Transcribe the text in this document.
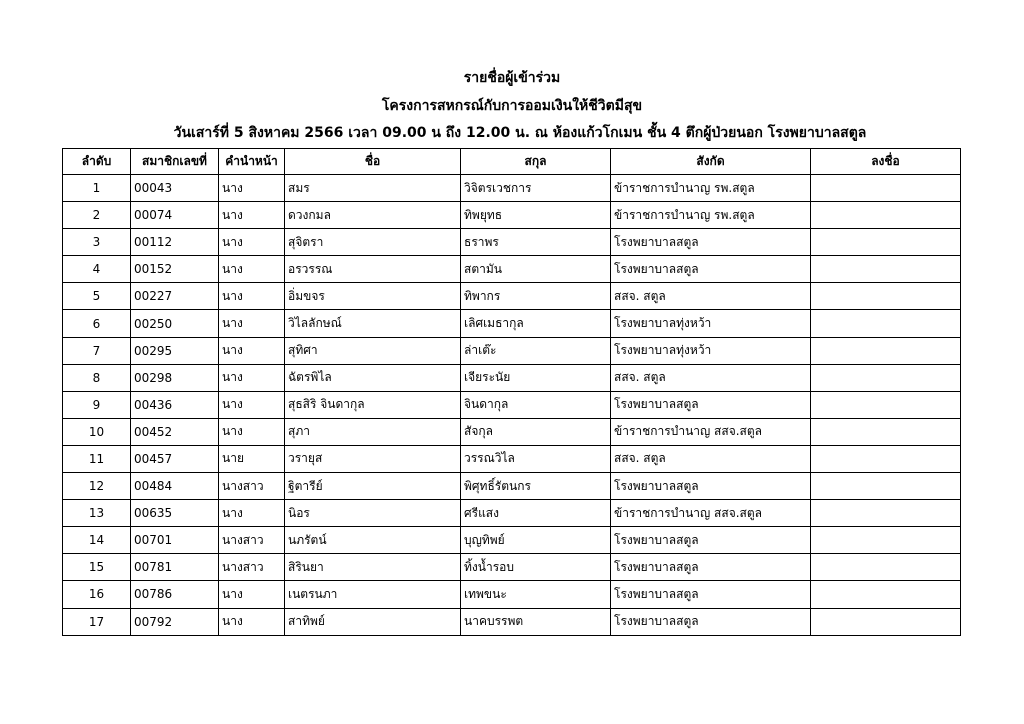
รายชื่อผู้เข้าร่วม
โครงการสหกรณ์กับการออมเงินให้ชีวิตมีสุข
วันเสาร์ที่ 5 สิงหาคม 2566 เวลา 09.00 น ถึง 12.00 น. ณ ห้องแก้วโกเมน ชั้น 4 ตึกผู้ป่วยนอก โรงพยาบาลสตูล
ลำดับ	สมาชิกเลขที่	คำนำหน้า	ชื่อ	สกุล	สังกัด	ลงชื่อ
1	00043	นาง	สมร	วิจิตรเวชการ	ข้าราชการบำนาญ รพ.สตูล	
2	00074	นาง	ดวงกมล	ทิพยุทธ	ข้าราชการบำนาญ รพ.สตูล	
3	00112	นาง	สุจิตรา	ธราพร	โรงพยาบาลสตูล	
4	00152	นาง	อรวรรณ	สตามัน	โรงพยาบาลสตูล	
5	00227	นาง	อิ่มขจร	ทิพากร	สสจ. สตูล	
6	00250	นาง	วิไลลักษณ์	เลิศเมธากุล	โรงพยาบาลทุ่งหว้า	
7	00295	นาง	สุทิศา	ล่าเต๊ะ	โรงพยาบาลทุ่งหว้า	
8	00298	นาง	ฉัตรพิไล	เจียระนัย	สสจ. สตูล	
9	00436	นาง	สุธสิริ จินดากุล	จินดากุล	โรงพยาบาลสตูล	
10	00452	นาง	สุภา	สัจกุล	ข้าราชการบำนาญ สสจ.สตูล	
11	00457	นาย	วรายุส	วรรณวิไล	สสจ. สตูล	
12	00484	นางสาว	ฐิตารีย์	พิศุทธิ์รัตนกร	โรงพยาบาลสตูล	
13	00635	นาง	นิอร	ศรีแสง	ข้าราชการบำนาญ สสจ.สตูล	
14	00701	นางสาว	นภรัตน์	บุญทิพย์	โรงพยาบาลสตูล	
15	00781	นางสาว	สิรินยา	ทิ้งน้ำรอบ	โรงพยาบาลสตูล	
16	00786	นาง	เนตรนภา	เทพขนะ	โรงพยาบาลสตูล	
17	00792	นาง	สาทิพย์	นาคบรรพต	โรงพยาบาลสตูล	
